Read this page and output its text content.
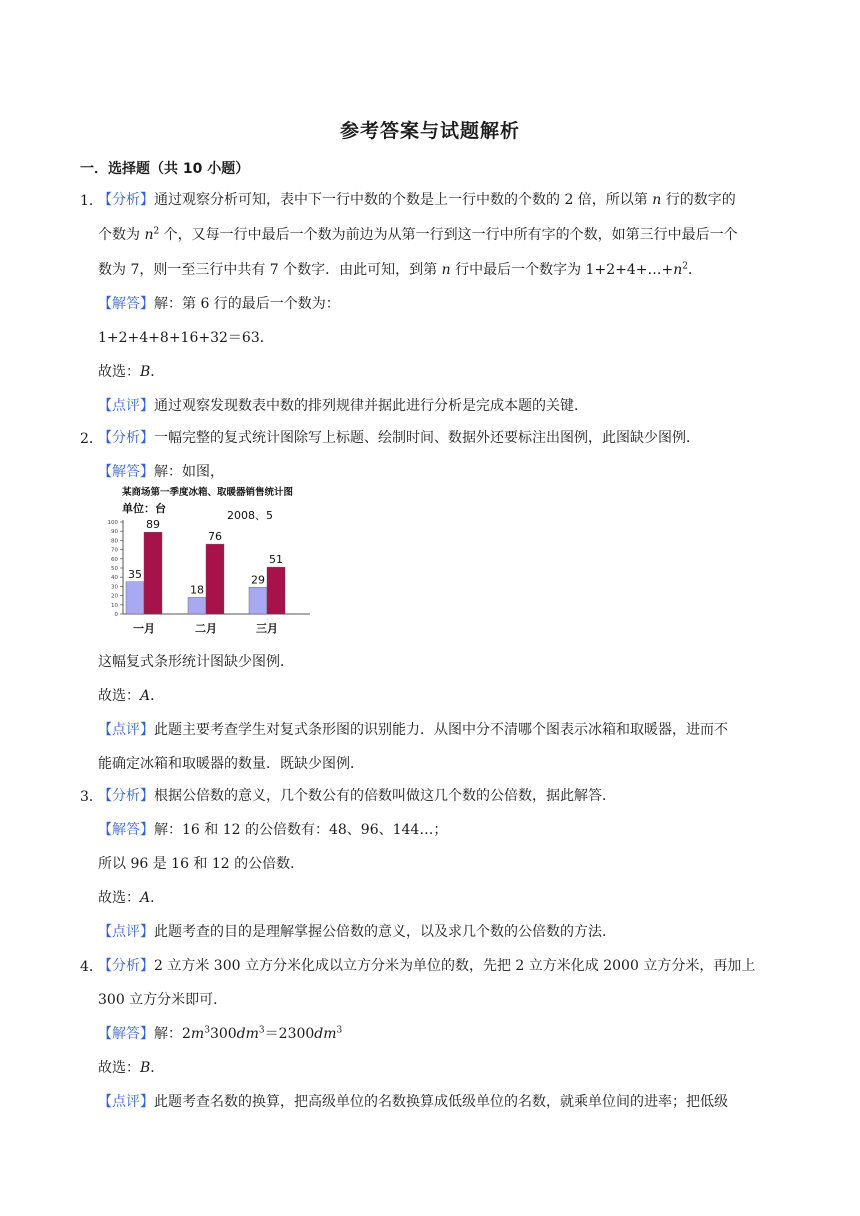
参考答案与试题解析
一．选择题（共 10 小题）
1．
【分析】通过观察分析可知，表中下一行中数的个数是上一行中数的个数的 2 倍，所以第 n 行的数字的
个数为 $n^2$ 个，又每一行中最后一个数为前边为从第一行到这一行中所有字的个数，如第三行中最后一个
数为 7，则一至三行中共有 7 个数字．由此可知，到第 n 行中最后一个数字为 $1+2+4+\dots+n^2$．
【解答】解：第 6 行的最后一个数为：
1+2+4+8+16+32＝63．
故选：B．
【点评】通过观察发现数表中数的排列规律并据此进行分析是完成本题的关键．
2．
【分析】一幅完整的复式统计图除写上标题、绘制时间、数据外还要标注出图例，此图缺少图例．
【解答】解：如图，
某商场第一季度冰箱、取暖器销售统计图
单位：台
2008、5
0
10
20
30
40
50
60
70
80
90
100
35
89
一月
18
76
二月
29
51
三月
这幅复式条形统计图缺少图例．
故选：A．
【点评】此题主要考查学生对复式条形图的识别能力．从图中分不清哪个图表示冰箱和取暖器，进而不
能确定冰箱和取暖器的数量．既缺少图例．
3．
【分析】根据公倍数的意义，几个数公有的倍数叫做这几个数的公倍数，据此解答．
【解答】解：16 和 12 的公倍数有：48、96、144…；
所以 96 是 16 和 12 的公倍数．
故选：A．
【点评】此题考查的目的是理解掌握公倍数的意义，以及求几个数的公倍数的方法．
4．
【分析】2 立方米 300 立方分米化成以立方分米为单位的数，先把 2 立方米化成 2000 立方分米，再加上
300 立方分米即可．
【解答】解：$2m^3300dm^3=2300dm^3$
故选：B．
【点评】此题考查名数的换算，把高级单位的名数换算成低级单位的名数，就乘单位间的进率；把低级
